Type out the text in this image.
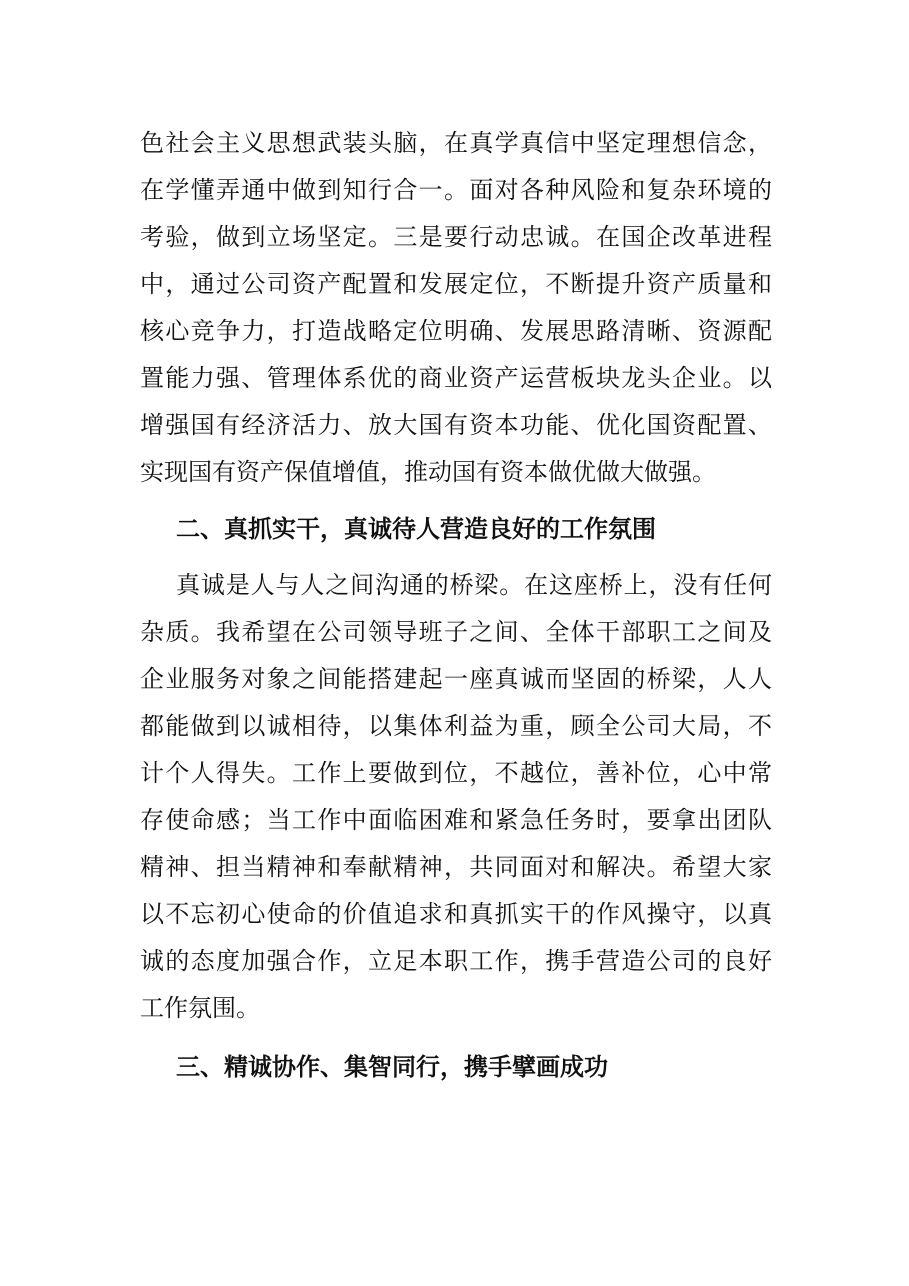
色社会主义思想武装头脑，在真学真信中坚定理想信念，
在学懂弄通中做到知行合一。面对各种风险和复杂环境的
考验，做到立场坚定。三是要行动忠诚。在国企改革进程
中，通过公司资产配置和发展定位，不断提升资产质量和
核心竞争力，打造战略定位明确、发展思路清晰、资源配
置能力强、管理体系优的商业资产运营板块龙头企业。以
增强国有经济活力、放大国有资本功能、优化国资配置、
实现国有资产保值增值，推动国有资本做优做大做强。
二、真抓实干，真诚待人营造良好的工作氛围
真诚是人与人之间沟通的桥梁。在这座桥上，没有任何
杂质。我希望在公司领导班子之间、全体干部职工之间及
企业服务对象之间能搭建起一座真诚而坚固的桥梁，人人
都能做到以诚相待，以集体利益为重，顾全公司大局，不
计个人得失。工作上要做到位，不越位，善补位，心中常
存使命感；当工作中面临困难和紧急任务时，要拿出团队
精神、担当精神和奉献精神，共同面对和解决。希望大家
以不忘初心使命的价值追求和真抓实干的作风操守，以真
诚的态度加强合作，立足本职工作，携手营造公司的良好
工作氛围。
三、精诚协作、集智同行，携手擘画成功
